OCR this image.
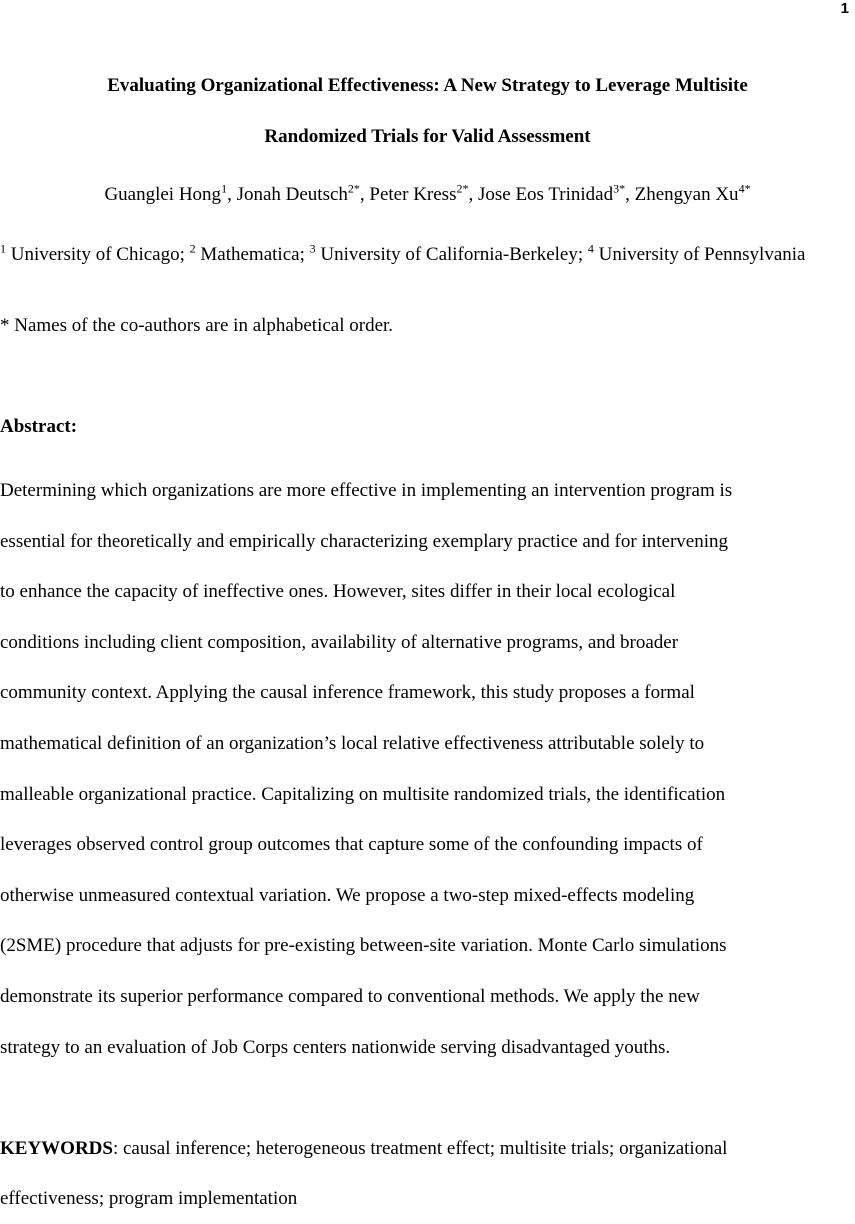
1
Evaluating Organizational Effectiveness: A New Strategy to Leverage Multisite
Randomized Trials for Valid Assessment
Guanglei Hong$^1$, Jonah Deutsch$^{2*}$, Peter Kress$^{2*}$, Jose Eos Trinidad$^{3*}$, Zhengyan $Xu^{4*}$
$^1$ University of Chicago; $^2$ Mathematica; $^3$ University of California-Berkeley; $^4$ University of Pennsylvania
* Names of the co-authors are in alphabetical order.
Abstract:
Determining which organizations are more effective in implementing an intervention program is
essential for theoretically and empirically characterizing exemplary practice and for intervening
to enhance the capacity of ineffective ones. However, sites differ in their local ecological
conditions including client composition, availability of alternative programs, and broader
community context. Applying the causal inference framework, this study proposes a formal
mathematical definition of an organization’s local relative effectiveness attributable solely to
malleable organizational practice. Capitalizing on multisite randomized trials, the identification
leverages observed control group outcomes that capture some of the confounding impacts of
otherwise unmeasured contextual variation. We propose a two-step mixed-effects modeling
(2SME) procedure that adjusts for pre-existing between-site variation. Monte Carlo simulations
demonstrate its superior performance compared to conventional methods. We apply the new
strategy to an evaluation of Job Corps centers nationwide serving disadvantaged youths.
KEYWORDS: causal inference; heterogeneous treatment effect; multisite trials; organizational
effectiveness; program implementation
